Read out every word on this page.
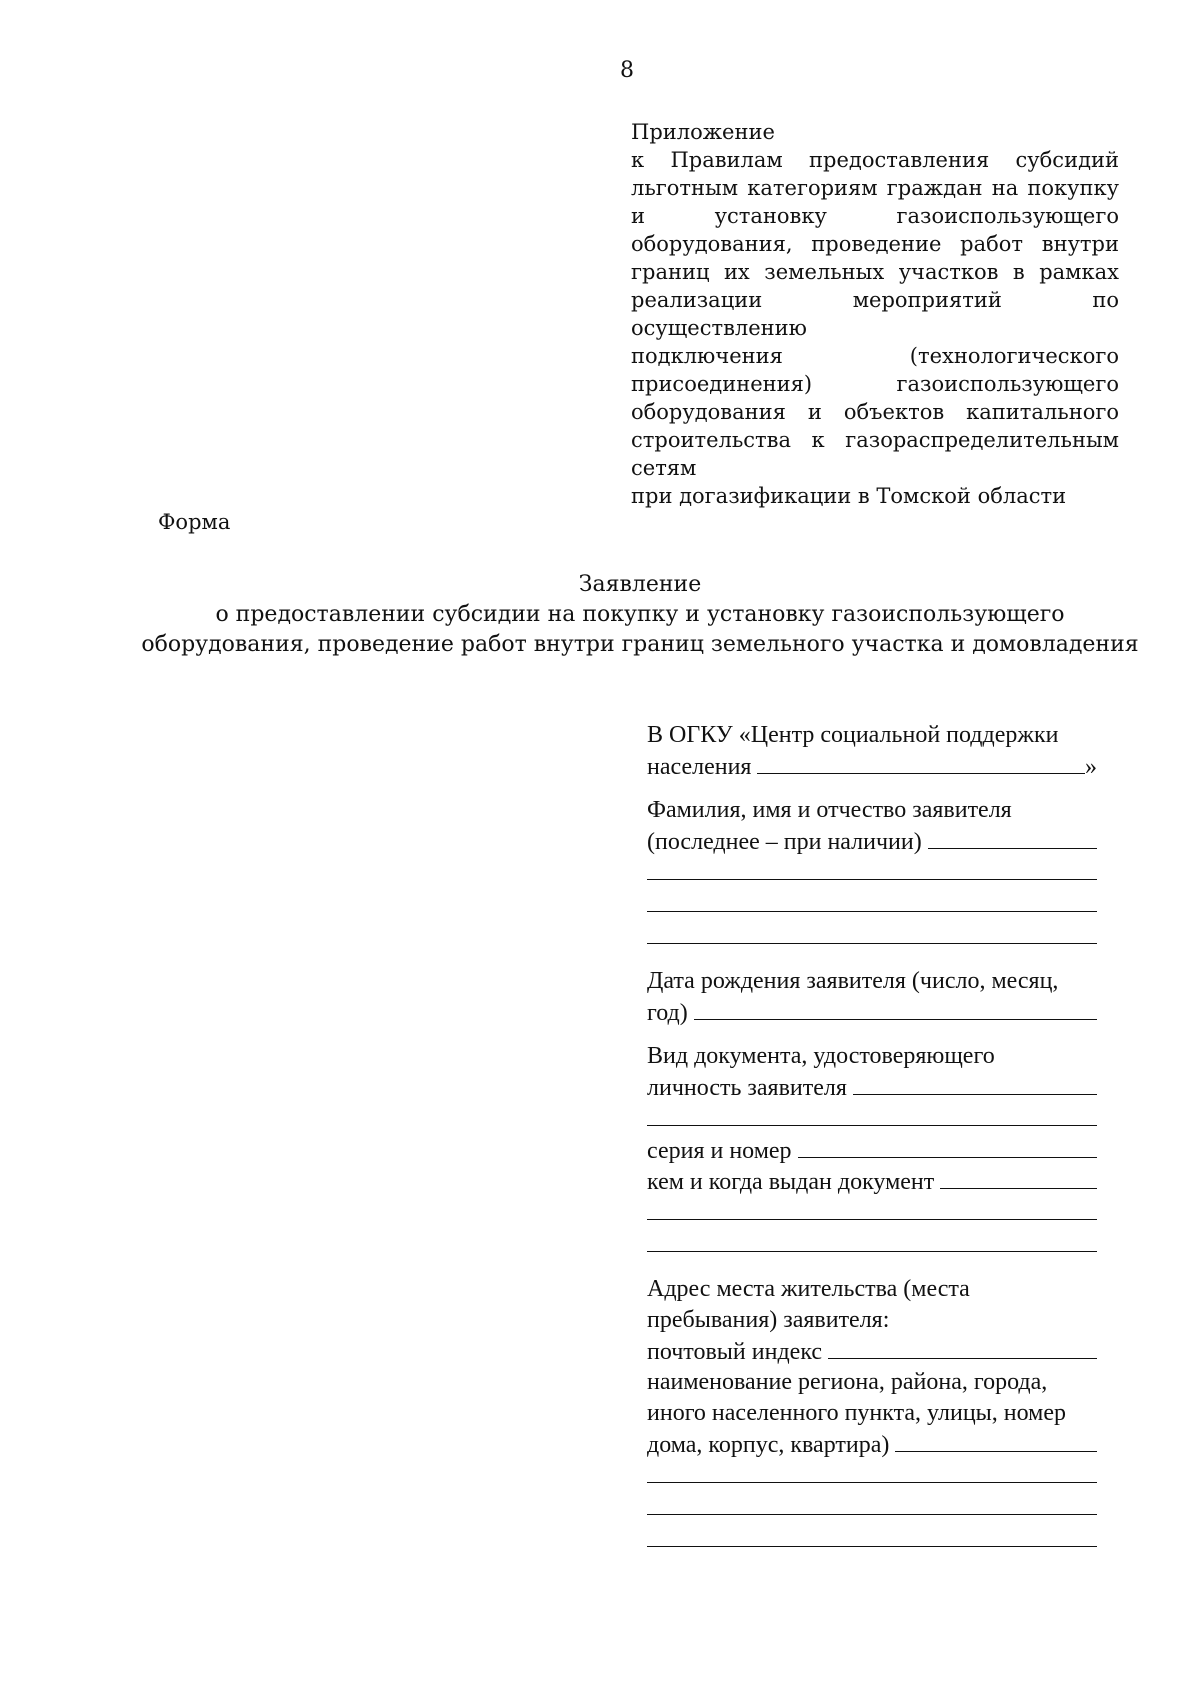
8
Приложение
к Правилам предоставления субсидий
льготным категориям граждан на покупку
и установку газоиспользующего
оборудования, проведение работ внутри
границ их земельных участков в рамках
реализации мероприятий по осуществлению
подключения (технологического
присоединения) газоиспользующего
оборудования и объектов капитального
строительства к газораспределительным сетям
при догазификации в Томской области
Форма
Заявление
о предоставлении субсидии на покупку и установку газоиспользующего
оборудования, проведение работ внутри границ земельного участка и домовладения
В ОГКУ «Центр социальной поддержки
населения	»
Фамилия, имя и отчество заявителя
(последнее – при наличии)
Дата рождения заявителя (число, месяц,
год)
Вид документа, удостоверяющего
личность заявителя
серия и номер
кем и когда выдан документ
Адрес места жительства (места
пребывания) заявителя:
почтовый индекс
наименование региона, района, города,
иного населенного пункта, улицы, номер
дома, корпус, квартира)
